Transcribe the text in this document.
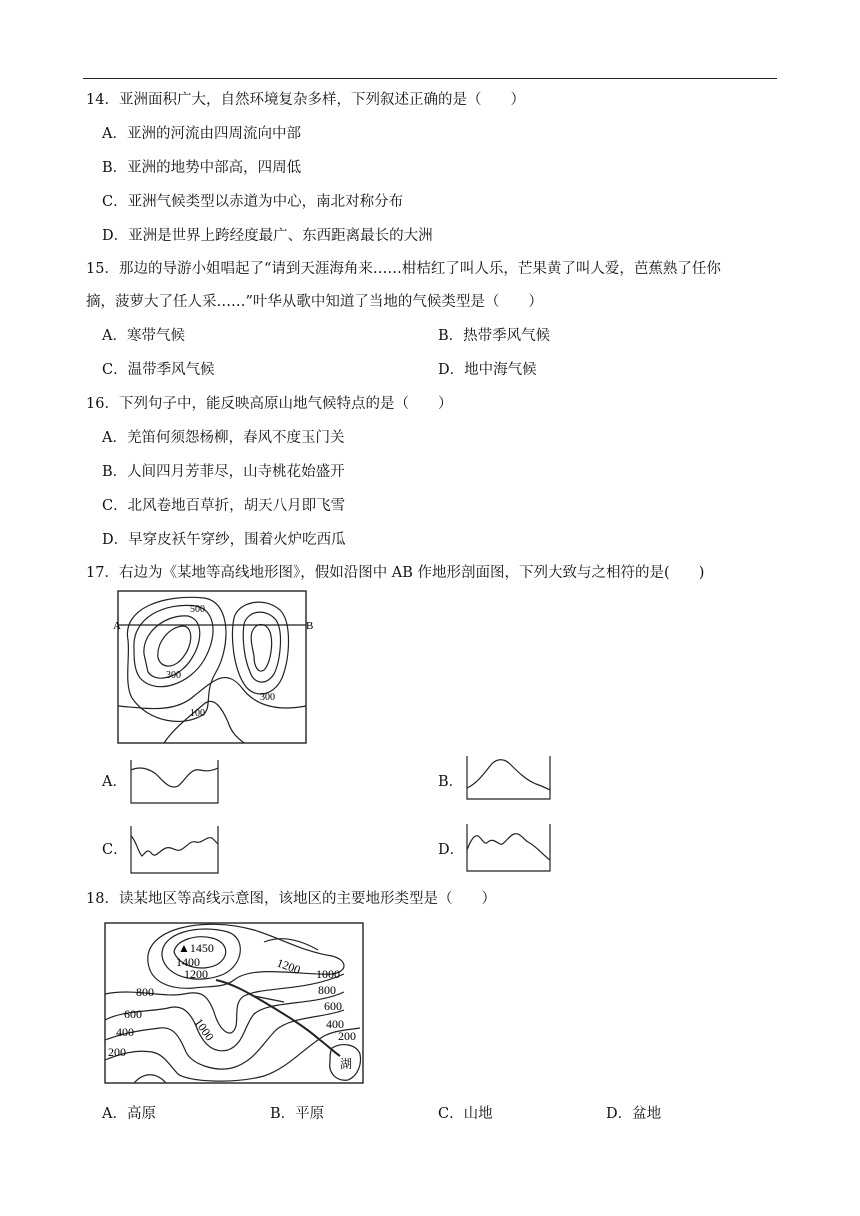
14．亚洲面积广大，自然环境复杂多样，下列叙述正确的是（　　）
A．亚洲的河流由四周流向中部
B．亚洲的地势中部高，四周低
C．亚洲气候类型以赤道为中心，南北对称分布
D．亚洲是世界上跨经度最广、东西距离最长的大洲
15．那边的导游小姐唱起了“请到天涯海角来……柑桔红了叫人乐，芒果黄了叫人爱，芭蕉熟了任你
摘，菠萝大了任人采……”叶华从歌中知道了当地的气候类型是（　　）
A．寒带气候	B．热带季风气候
C．温带季风气候	D．地中海气候
16．下列句子中，能反映高原山地气候特点的是（　　）
A．羌笛何须怨杨柳，春风不度玉门关
B．人间四月芳菲尽，山寺桃花始盛开
C．北风卷地百草折，胡天八月即飞雪
D．早穿皮袄午穿纱，围着火炉吃西瓜
17．右边为《某地等高线地形图》，假如沿图中 AB 作地形剖面图，下列大致与之相符的是(　　)
A	B
500
300
300
100
A．	B．
C．	D．
18．读某地区等高线示意图，该地区的主要地形类型是（　　）
▲1450
1400
1200	1200 1000
1000
800	800
600
600
400
400
200
200
湖
A．高原	B．平原	C．山地	D．盆地
